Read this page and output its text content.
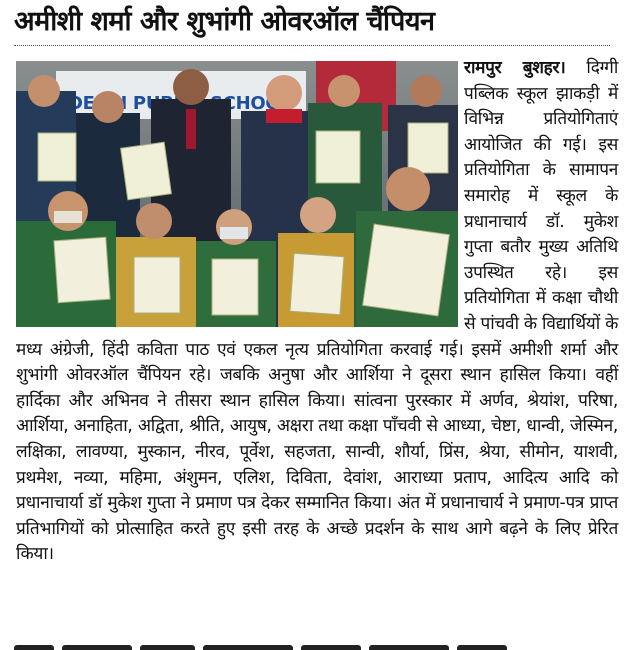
अमीशी शर्मा और शुभांगी ओवरऑल चैंपियन
SCHOOL

रामपुर बुशहर। दिग्गी पब्लिक स्कूल झाकड़ी में विभिन्न प्रतियोगिताएं आयोजित की गई। इस प्रतियोगिता के सामापन समारोह में स्कूल के प्रधानाचार्य डॉ. मुकेश गुप्ता बतौर मुख्य अतिथि उपस्थित रहे। इस प्रतियोगिता में कक्षा चौथी से पांचवी के विद्यार्थियों के मध्य अंग्रेजी, हिंदी कविता पाठ एवं एकल नृत्य प्रतियोगिता करवाई गई। इसमें अमीशी शर्मा और शुभांगी ओवरऑल चैंपियन रहे। जबकि अनुषा और आर्शिया ने दूसरा स्थान हासिल किया। वहीं हार्दिका और अभिनव ने तीसरा स्थान हासिल किया। सांत्वना पुरस्कार में अर्णव, श्रेयांश, परिषा, आर्शिया, अनाहिता, अद्विता, श्रीति, आयुष, अक्षरा तथा कक्षा पाँचवी से आध्या, चेष्टा, धान्वी, जेस्मिन, लक्षिका, लावण्या, मुस्कान, नीरव, पूर्वेश, सहजता, सान्वी, शौर्या, प्रिंस, श्रेया, सीमोन, याशवी, प्रथमेश, नव्या, महिमा, अंशुमन, एलिश, दिविता, देवांश, आराध्या प्रताप, आदित्य आदि को प्रधानाचार्या डॉ मुकेश गुप्ता ने प्रमाण पत्र देकर सम्मानित किया। अंत में प्रधानाचार्य ने प्रमाण-पत्र प्राप्त प्रतिभागियों को प्रोत्साहित करते हुए इसी तरह के अच्छे प्रदर्शन के साथ आगे बढ़ने के लिए प्रेरित किया।
